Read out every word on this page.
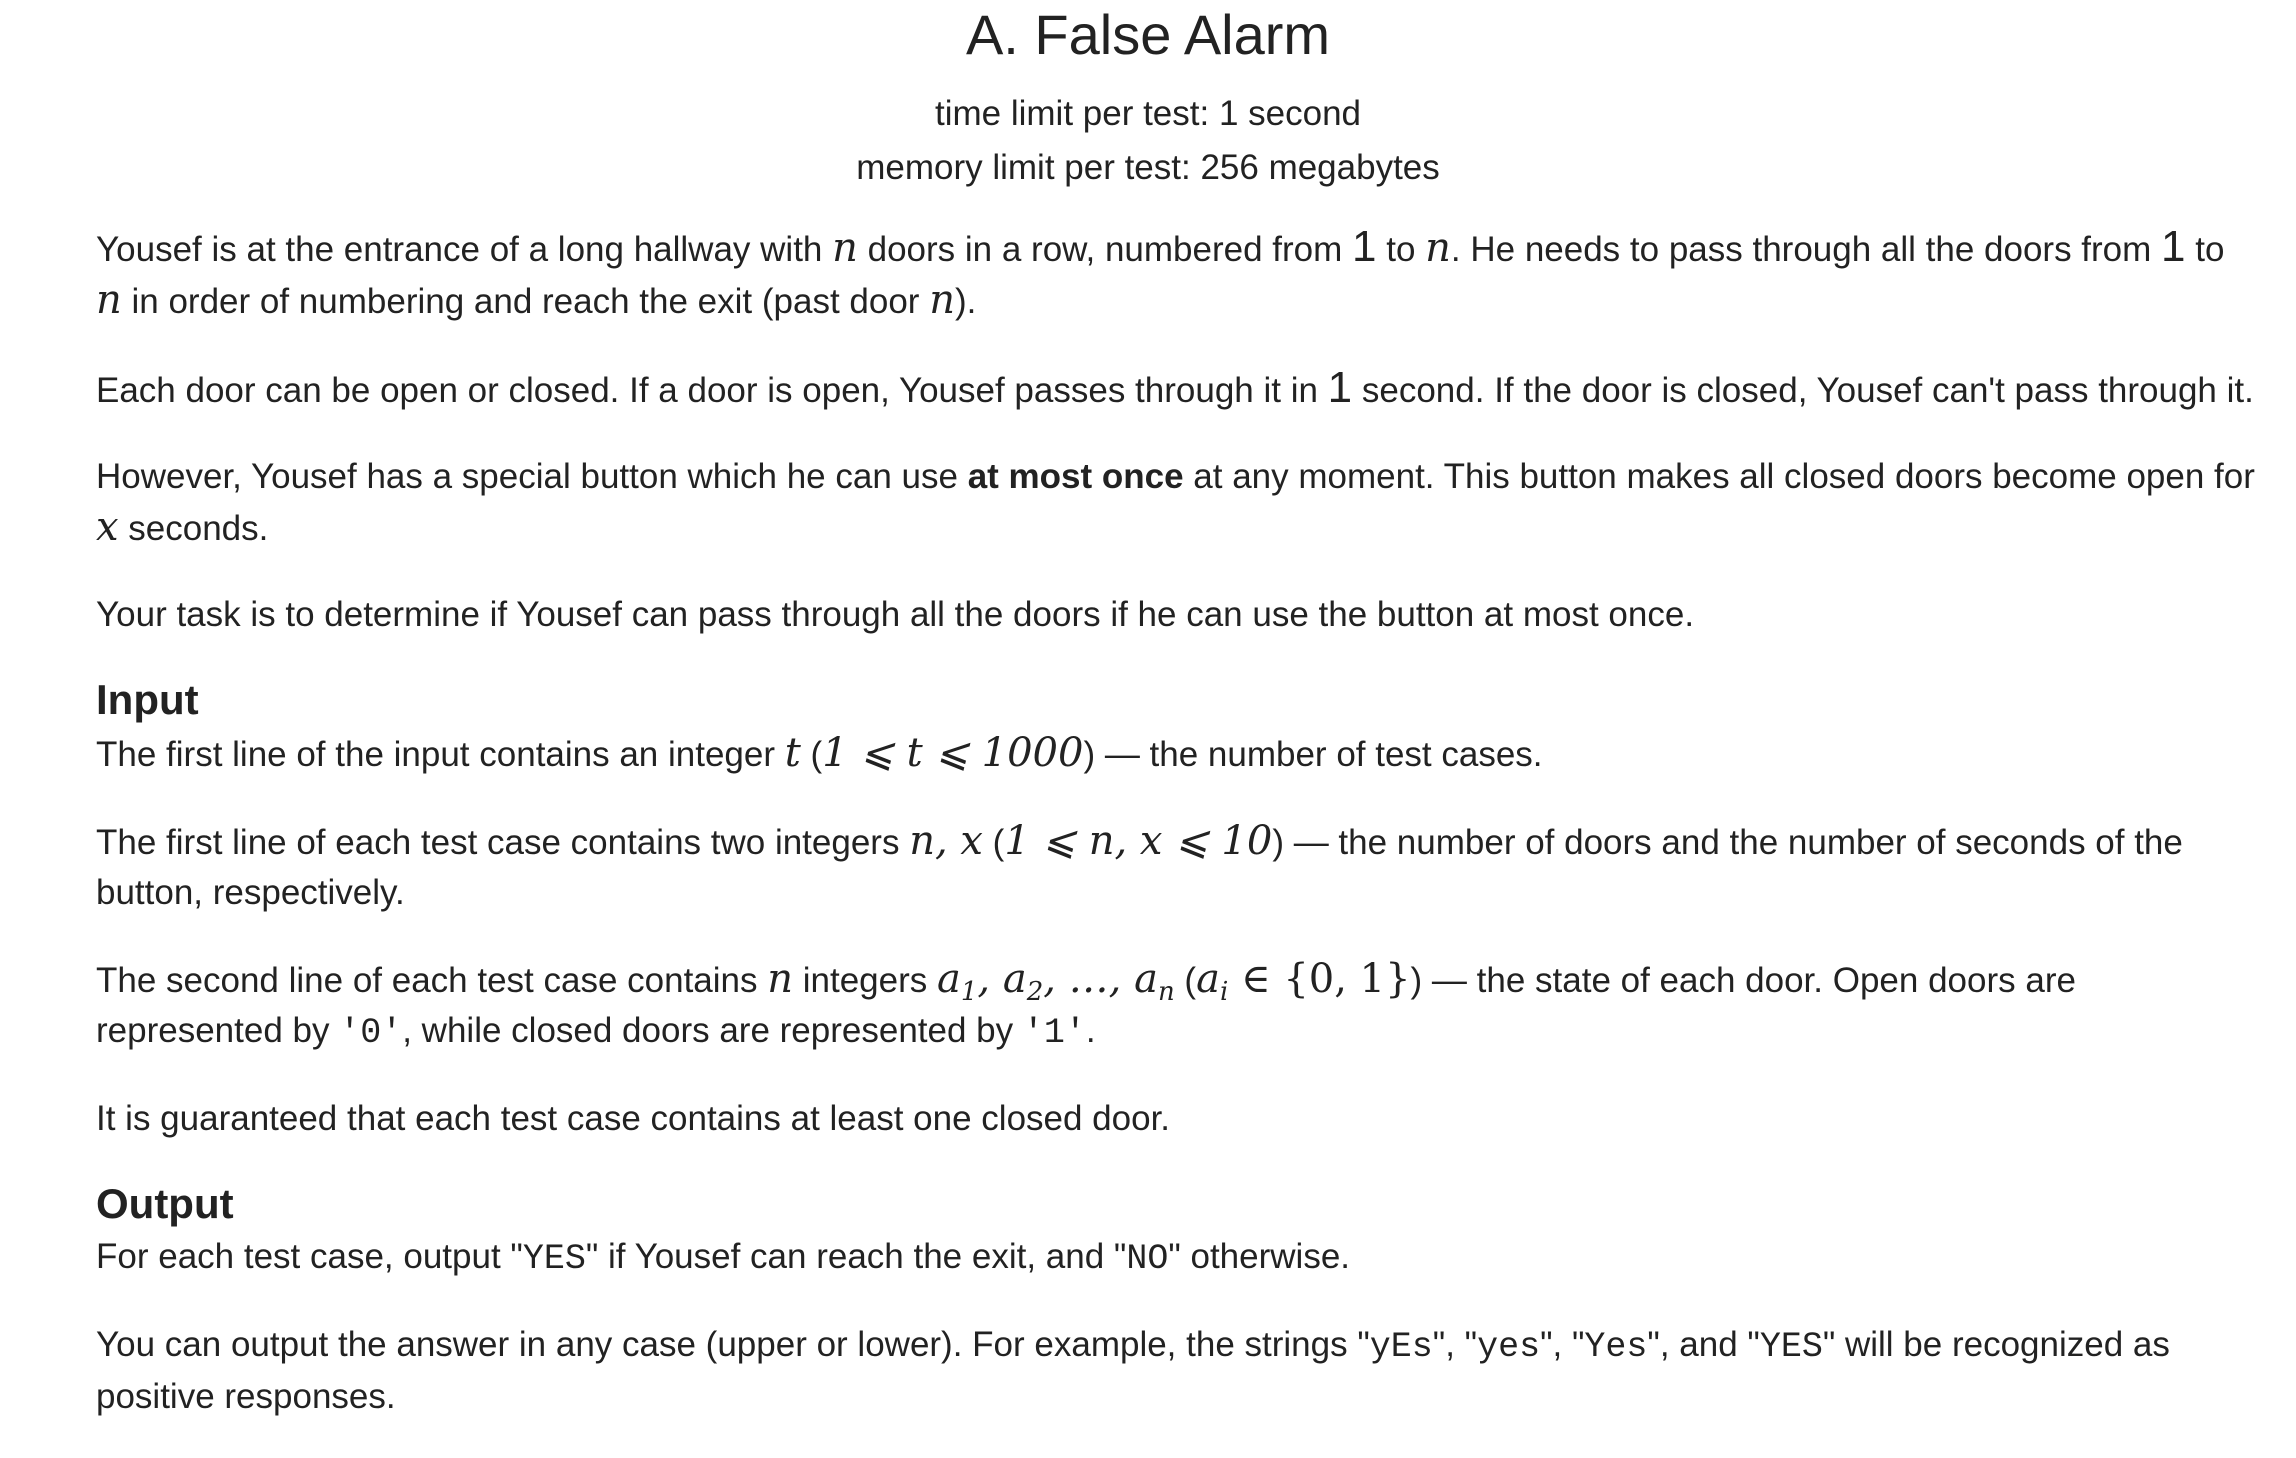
A. False Alarm
time limit per test: 1 second
memory limit per test: 256 megabytes

Yousef is at the entrance of a long hallway with n doors in a row, numbered from 1 to n. He needs to pass through all the doors from 1 to n in order of numbering and reach the exit (past door n).

Each door can be open or closed. If a door is open, Yousef passes through it in 1 second. If the door is closed, Yousef can't pass through it.

However, Yousef has a special button which he can use at most once at any moment. This button makes all closed doors become open for x seconds.

Your task is to determine if Yousef can pass through all the doors if he can use the button at most once.

Input

The first line of the input contains an integer t (1 ⩽ t ⩽ 1000) — the number of test cases.

The first line of each test case contains two integers n, x (1 ⩽ n, x ⩽ 10) — the number of doors and the number of seconds of the button, respectively.

The second line of each test case contains n integers $a_1$, $a_2$, …, $a_n$ ($a_i$ ∈ {0, 1}) — the state of each door. Open doors are represented by '0', while closed doors are represented by '1'.

It is guaranteed that each test case contains at least one closed door.

Output

For each test case, output "YES" if Yousef can reach the exit, and "NO" otherwise.

You can output the answer in any case (upper or lower). For example, the strings "yEs", "yes", "Yes", and "YES" will be recognized as positive responses.
